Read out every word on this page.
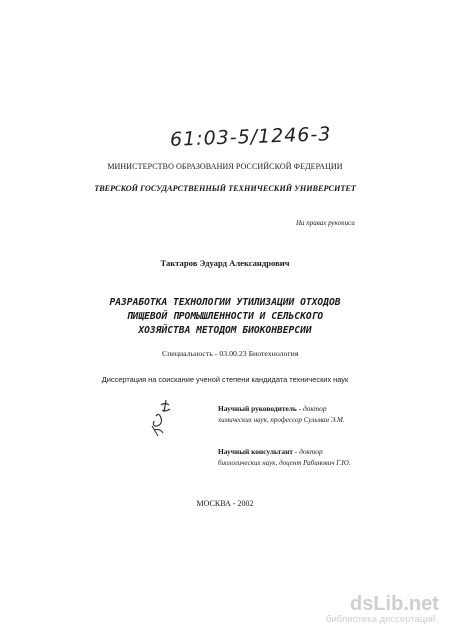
61:03-5/1246-3
МИНИСТЕРСТВО ОБРАЗОВАНИЯ РОССИЙСКОЙ ФЕДЕРАЦИИ
ТВЕРСКОЙ ГОСУДАРСТВЕННЫЙ ТЕХНИЧЕСКИЙ УНИВЕРСИТЕТ
На правах рукописи
Тактаров Эдуард Александрович
РАЗРАБОТКА ТЕХНОЛОГИИ УТИЛИЗАЦИИ ОТХОДОВ
ПИЩЕВОЙ ПРОМЫШЛЕННОСТИ И СЕЛЬСКОГО
ХОЗЯЙСТВА МЕТОДОМ БИОКОНВЕРСИИ
Специальность - 03.00.23 Биотехнология
Диссертация на соискание ученой степени кандидата технических наук
Научный руководитель - доктор
химических наук, профессор Сульман Э.М.
Научный консультант - доктор
биологических наук, доцент Рабинович Г.Ю.
МОСКВА - 2002
dsLib.net
библиотека диссертаций
